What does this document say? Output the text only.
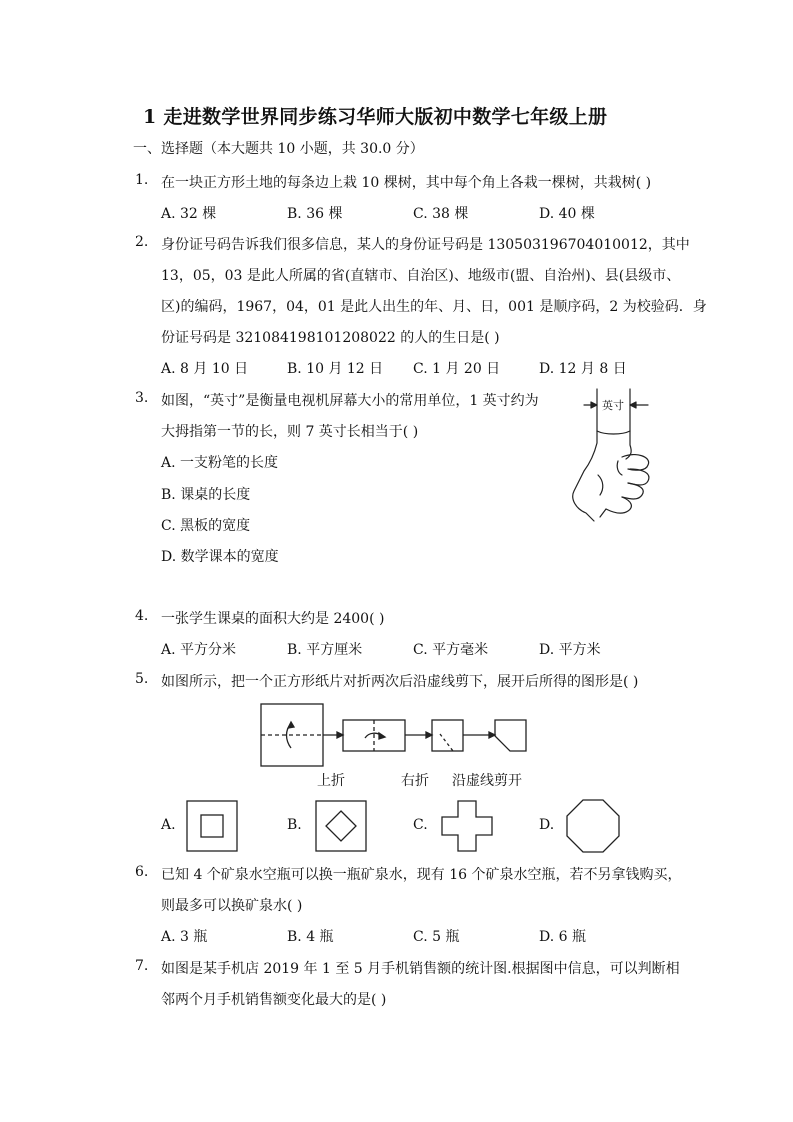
1 走进数学世界同步练习华师大版初中数学七年级上册
一、选择题（本大题共 10 小题，共 30.0 分）
1. 在一块正方形土地的每条边上栽 10 棵树，其中每个角上各栽一棵树，共栽树( )
A. 32 棵	B. 36 棵	C. 38 棵	D. 40 棵
2. 身份证号码告诉我们很多信息，某人的身份证号码是 130503196704010012，其中
13，05，03 是此人所属的省(直辖市、自治区)、地级市(盟、自治州)、县(县级市、
区)的编码，1967，04，01 是此人出生的年、月、日，001 是顺序码，2 为校验码．身
份证号码是 321084198101208022 的人的生日是( )
A. 8 月 10 日	B. 10 月 12 日 C. 1 月 20 日	D. 12 月 8 日
3. 如图，“英寸”是衡量电视机屏幕大小的常用单位，1 英寸约为
大拇指第一节的长，则 7 英寸长相当于( )
A. 一支粉笔的长度
B. 课桌的长度
C. 黑板的宽度
D. 数学课本的宽度
英寸
4. 一张学生课桌的面积大约是 2400( )
A. 平方分米	B. 平方厘米	C. 平方毫米	D. 平方米
5. 如图所示，把一个正方形纸片对折两次后沿虚线剪下，展开后所得的图形是( )
上折	右折 沿虚线剪开
A.	B.	C.	D.
6. 已知 4 个矿泉水空瓶可以换一瓶矿泉水，现有 16 个矿泉水空瓶，若不另拿钱购买，
则最多可以换矿泉水( )
A. 3 瓶	B. 4 瓶	C. 5 瓶	D. 6 瓶
7. 如图是某手机店 2019 年 1 至 5 月手机销售额的统计图.根据图中信息，可以判断相
邻两个月手机销售额变化最大的是( )
